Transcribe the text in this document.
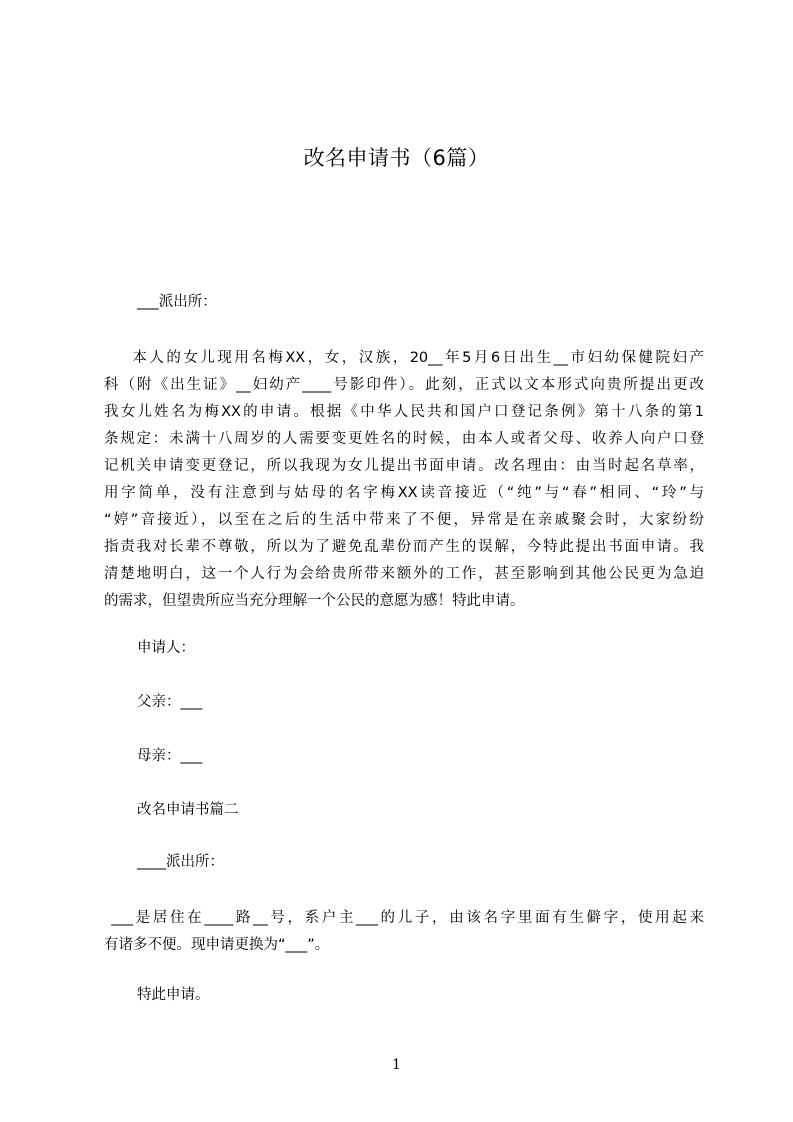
改名申请书（6篇）
___派出所：
本人的女儿现用名梅XX，女，汉族，20__年5月6日出生__市妇幼保健院妇产
科（附《出生证》__妇幼产____号影印件）。此刻，正式以文本形式向贵所提出更改
我女儿姓名为梅XX的申请。根据《中华人民共和国户口登记条例》第十八条的第1
条规定：未满十八周岁的人需要变更姓名的时候，由本人或者父母、收养人向户口登
记机关申请变更登记，所以我现为女儿提出书面申请。改名理由：由当时起名草率，
用字简单，没有注意到与姑母的名字梅XX读音接近（“纯”与“春”相同、“玲”与
“婷”音接近），以至在之后的生活中带来了不便，异常是在亲戚聚会时，大家纷纷
指责我对长辈不尊敬，所以为了避免乱辈份而产生的误解，今特此提出书面申请。我
清楚地明白，这一个人行为会给贵所带来额外的工作，甚至影响到其他公民更为急迫
的需求，但望贵所应当充分理解一个公民的意愿为感！特此申请。
申请人：
父亲：___
母亲：___
改名申请书篇二
____派出所：
___是居住在____路__号，系户主___的儿子，由该名字里面有生僻字，使用起来
有诸多不便。现申请更换为“___”。
特此申请。
1
